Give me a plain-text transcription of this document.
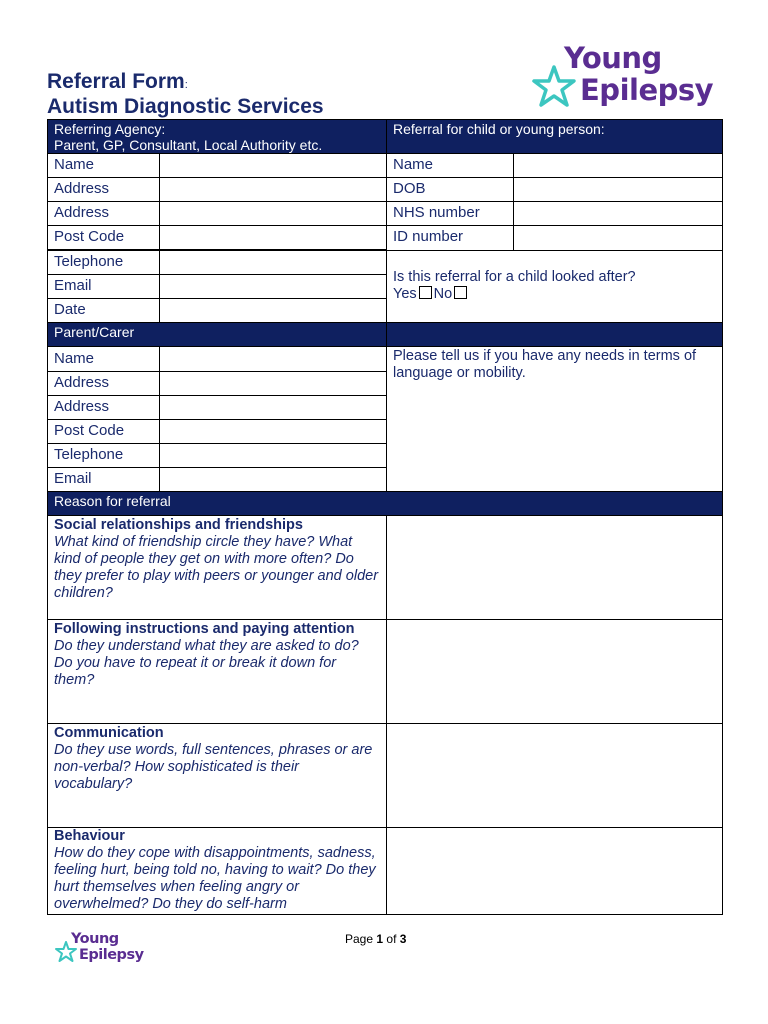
Referral Form:
Autism Diagnostic Services
Young
Epilepsy
Referring Agency:
Parent, GP, Consultant, Local Authority etc.
Referral for child or young person:
Name
Address
Address
Post Code
Telephone
Email
Date
Name
DOB
NHS number
ID number
Is this referral for a child looked after?
Yes No
Parent/Carer
Name
Address
Address
Post Code
Telephone
Email
Please tell us if you have any needs in terms of language or mobility.
Reason for referral
Social relationships and friendships
What kind of friendship circle they have? What kind of people they get on with more often? Do they prefer to play with peers or younger and older children?
Following instructions and paying attention
Do they understand what they are asked to do? Do you have to repeat it or break it down for them?
Communication
Do they use words, full sentences, phrases or are non-verbal? How sophisticated is their vocabulary?
Behaviour
How do they cope with disappointments, sadness, feeling hurt, being told no, having to wait? Do they hurt themselves when feeling angry or overwhelmed? Do they do self-harm
Young
Epilepsy
Page 1 of 3
